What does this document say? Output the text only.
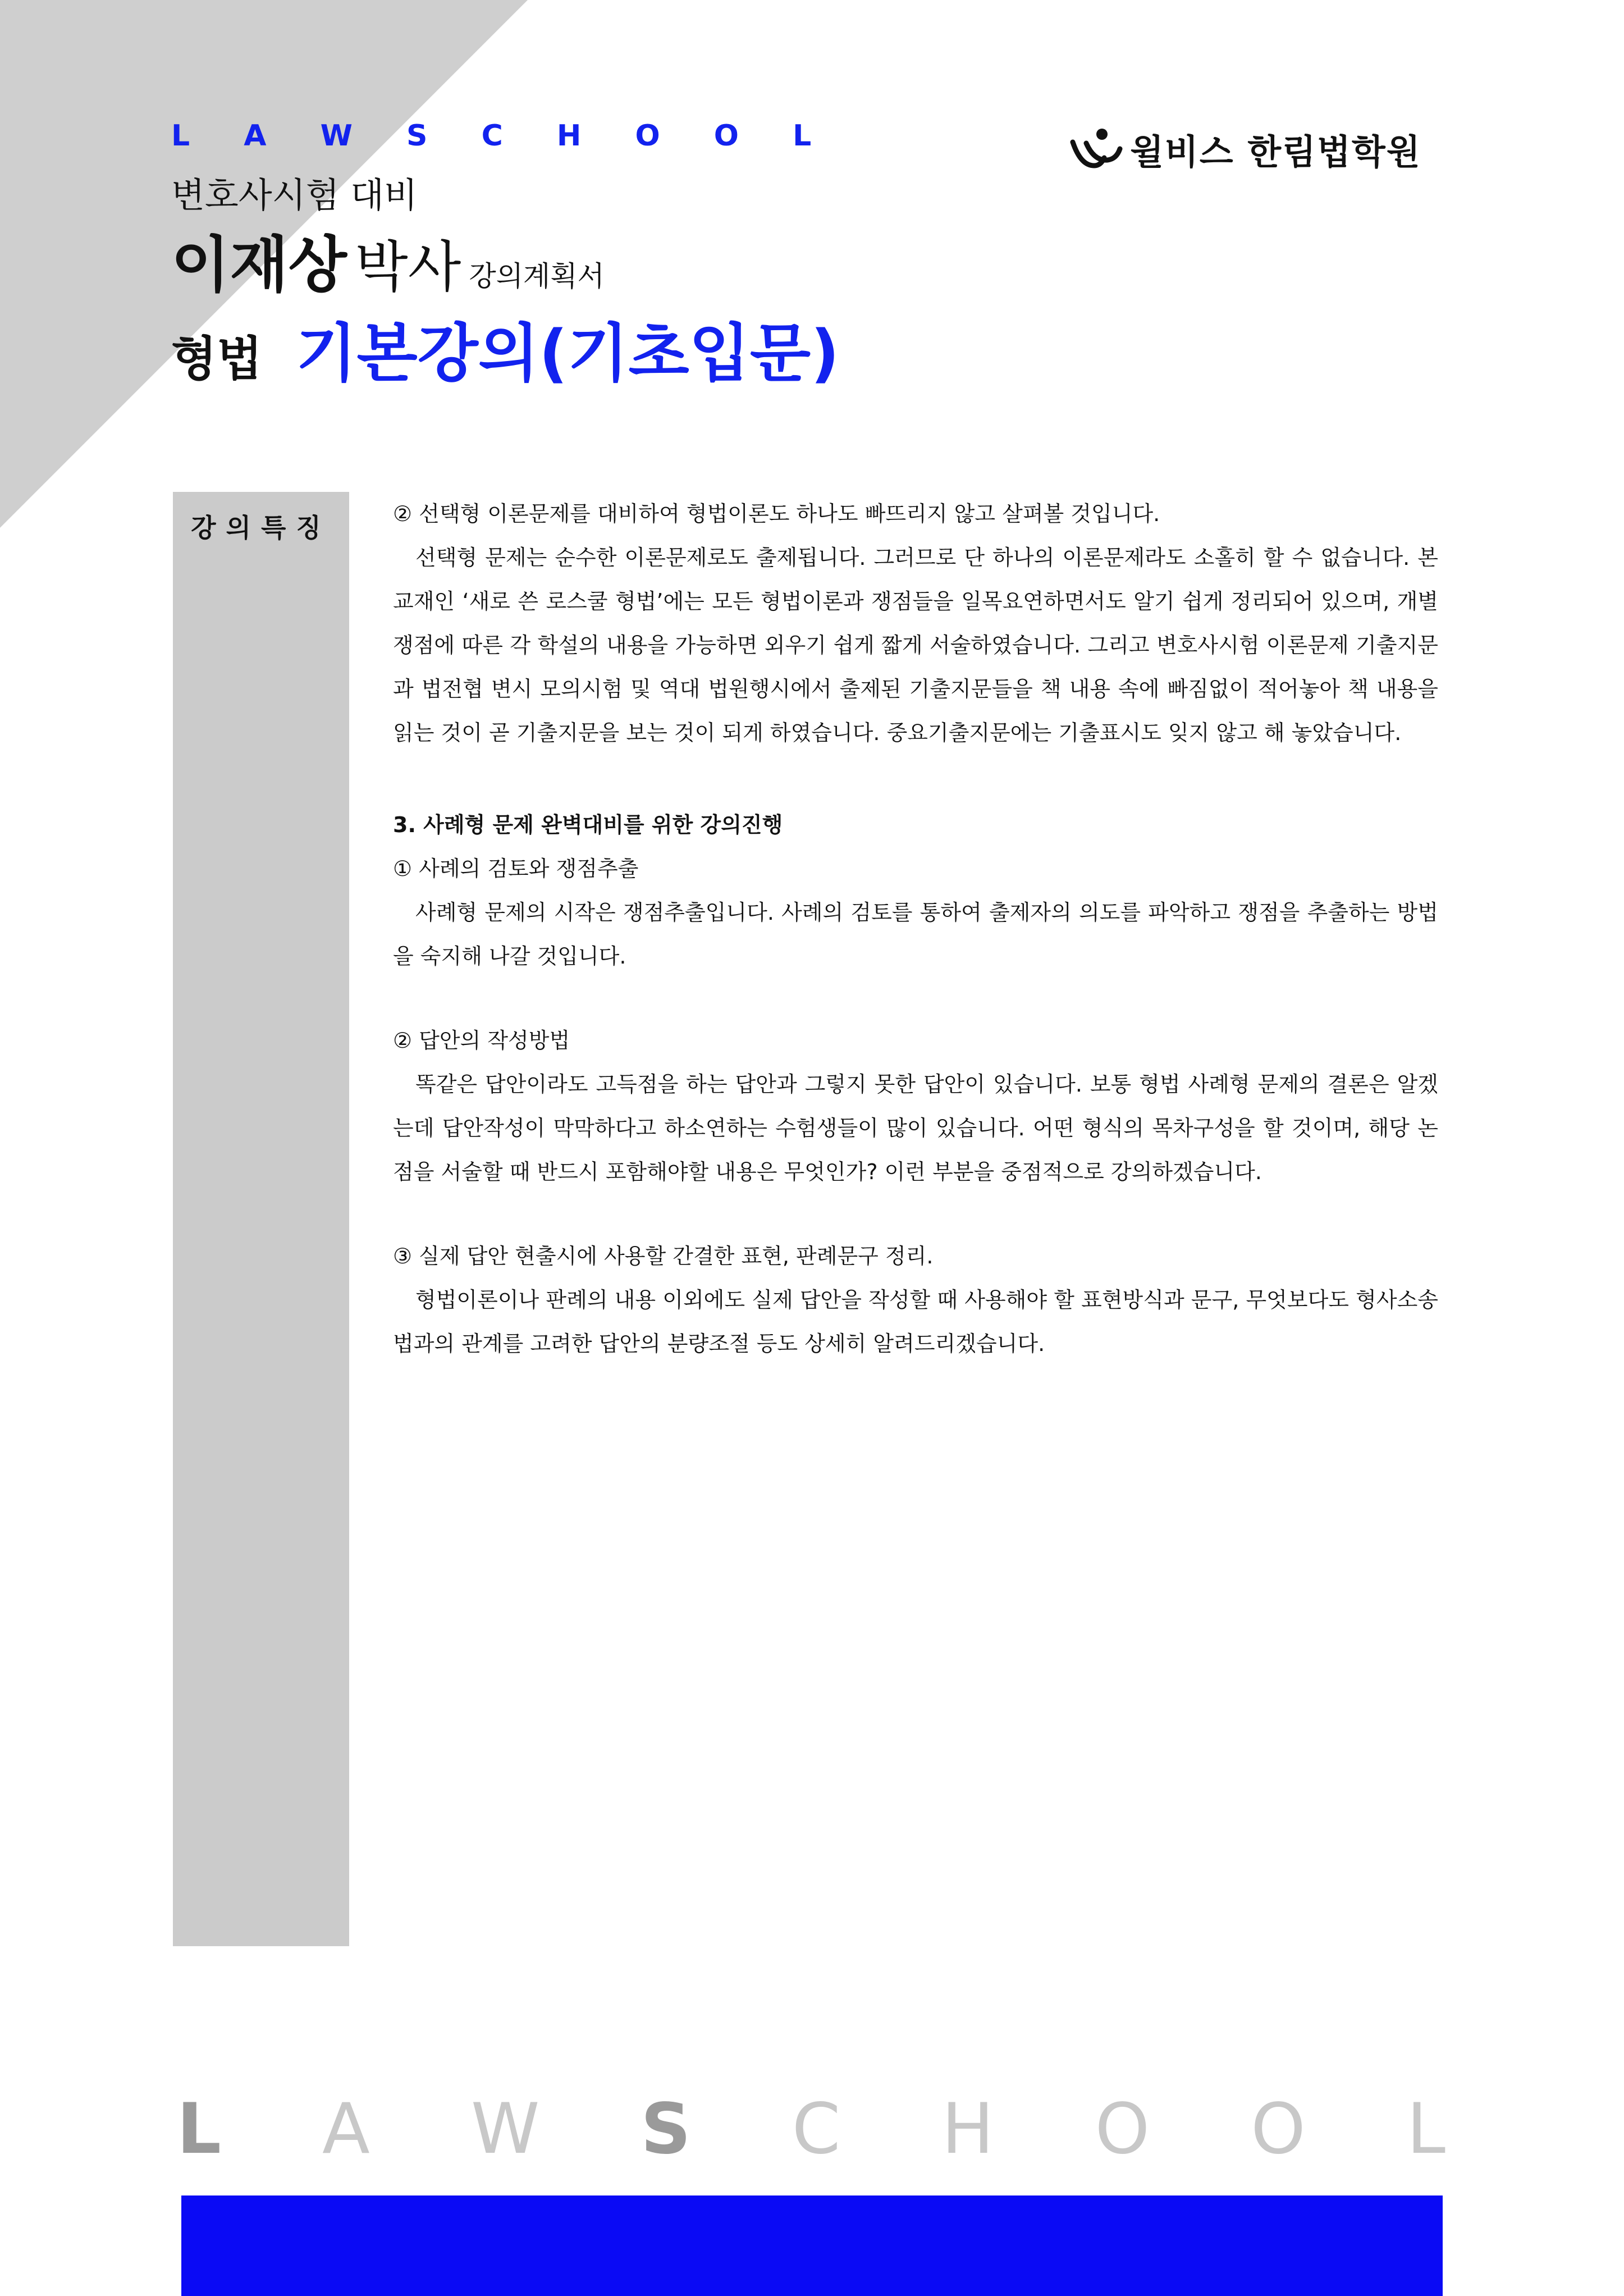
L A W S C H O O L	윌비스 한림법학원
변호사시험 대비
이재상 박사 강의계획서
형법 기본강의(기초입문)
강의특징	② 선택형 이론문제를 대비하여 형법이론도 하나도 빠뜨리지 않고 살펴볼 것입니다.

선택형 문제는 순수한 이론문제로도 출제됩니다. 그러므로 단 하나의 이론문제라도 소홀히 할 수 없습니다. 본 교재인 ‘새로 쓴 로스쿨 형법’에는 모든 형법이론과 쟁점들을 일목요연하면서도 알기 쉽게 정리되어 있으며, 개별쟁점에 따른 각 학설의 내용을 가능하면 외우기 쉽게 짧게 서술하였습니다. 그리고 변호사시험 이론문제 기출지문과 법전협 변시 모의시험 및 역대 법원행시에서 출제된 기출지문들을 책 내용 속에 빠짐없이 적어놓아 책 내용을 읽는 것이 곧 기출지문을 보는 것이 되게 하였습니다. 중요기출지문에는 기출표시도 잊지 않고 해 놓았습니다.

3. 사례형 문제 완벽대비를 위한 강의진행

① 사례의 검토와 쟁점추출

사례형 문제의 시작은 쟁점추출입니다. 사례의 검토를 통하여 출제자의 의도를 파악하고 쟁점을 추출하는 방법을 숙지해 나갈 것입니다.

② 답안의 작성방법

똑같은 답안이라도 고득점을 하는 답안과 그렇지 못한 답안이 있습니다. 보통 형법 사례형 문제의 결론은 알겠는데 답안작성이 막막하다고 하소연하는 수험생들이 많이 있습니다. 어떤 형식의 목차구성을 할 것이며, 해당 논점을 서술할 때 반드시 포함해야할 내용은 무엇인가? 이런 부분을 중점적으로 강의하겠습니다.

③ 실제 답안 현출시에 사용할 간결한 표현, 판례문구 정리.

형법이론이나 판례의 내용 이외에도 실제 답안을 작성할 때 사용해야 할 표현방식과 문구, 무엇보다도 형사소송법과의 관계를 고려한 답안의 분량조절 등도 상세히 알려드리겠습니다.

L A W S C H O O L
